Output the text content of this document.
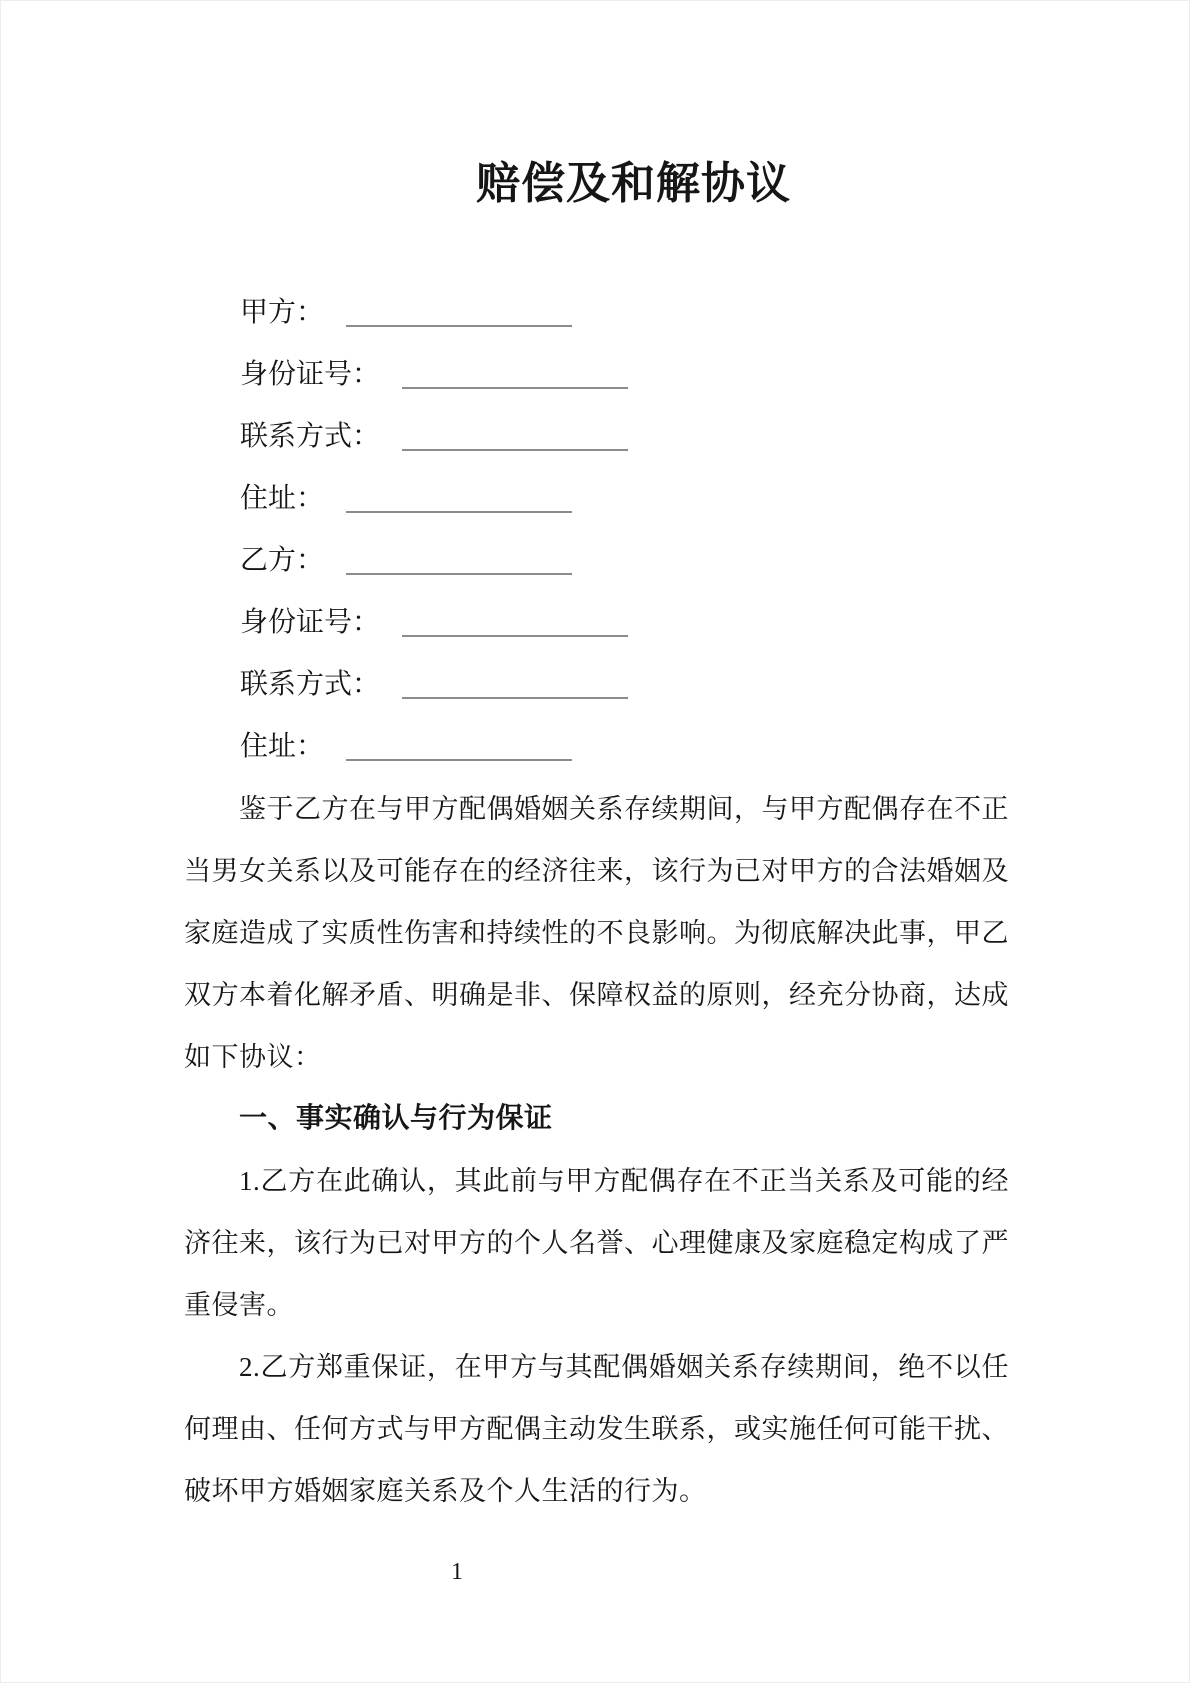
赔偿及和解协议
甲方：
身份证号：
联系方式：
住址：
乙方：
身份证号：
联系方式：
住址：

鉴于乙方在与甲方配偶婚姻关系存续期间，与甲方配偶存在不正当男女关系以及可能存在的经济往来，该行为已对甲方的合法婚姻及家庭造成了实质性伤害和持续性的不良影响。为彻底解决此事，甲乙双方本着化解矛盾、明确是非、保障权益的原则，经充分协商，达成如下协议：

一、事实确认与行为保证

1.乙方在此确认，其此前与甲方配偶存在不正当关系及可能的经济往来，该行为已对甲方的个人名誉、心理健康及家庭稳定构成了严重侵害。

2.乙方郑重保证，在甲方与其配偶婚姻关系存续期间，绝不以任何理由、任何方式与甲方配偶主动发生联系，或实施任何可能干扰、破坏甲方婚姻家庭关系及个人生活的行为。

1
